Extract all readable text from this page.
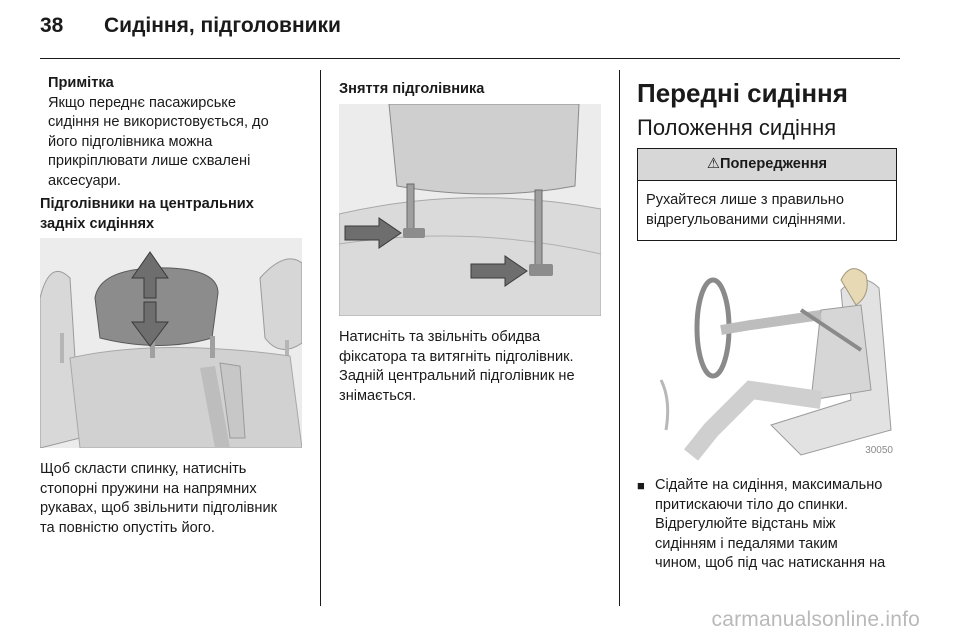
38 Сидіння, підголовники

Примітка

Якщо переднє пасажирське

сидіння не використовується, до

його підголівника можна

прикріплювати лише схвалені

аксесуари.

Підголівники на центральних

задніх сидіннях

Щоб скласти спинку, натисніть

стопорні пружини на напрямних

рукавах, щоб звільнити підголівник

та повністю опустіть його.

Зняття підголівника

Натисніть та звільніть обидва

фіксатора та витягніть підголівник.

Задній центральний підголівник не

знімається.

Передні сидіння

Положення сидіння

⚠Попередження

Рухайтеся лише з правильно

відрегульованими сидіннями.

30050
■ Сідайте на сидіння, максимально

притискаючи тіло до спинки.

Відрегулюйте відстань між

сидінням і педалями таким

чином, щоб під час натискання на

carmanualsonline.info
